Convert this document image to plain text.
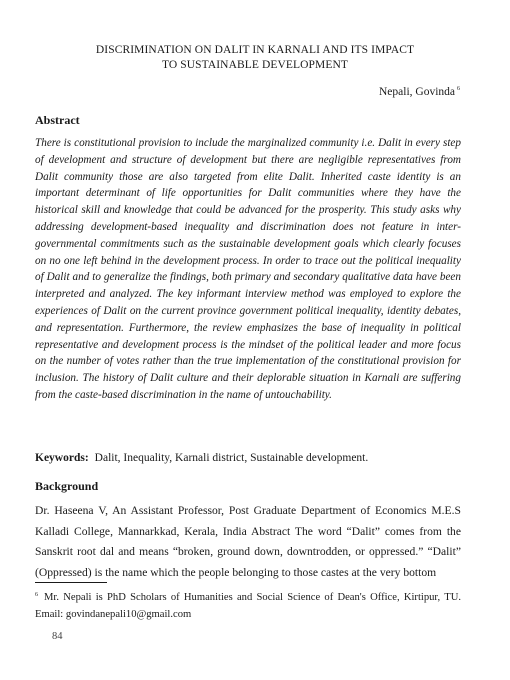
DISCRIMINATION ON DALIT IN KARNALI AND ITS IMPACT
TO SUSTAINABLE DEVELOPMENT
Nepali, Govinda $^6$
Abstract

There is constitutional provision to include the marginalized community i.e. Dalit in every step of development and structure of development but there are negligible representatives from Dalit community those are also targeted from elite Dalit. Inherited caste identity is an important determinant of life opportunities for Dalit communities where they have the historical skill and knowledge that could be advanced for the prosperity. This study asks why addressing development-based inequality and discrimination does not feature in inter-governmental commitments such as the sustainable development goals which clearly focuses on no one left behind in the development process. In order to trace out the political inequality of Dalit and to generalize the findings, both primary and secondary qualitative data have been interpreted and analyzed. The key informant interview method was employed to explore the experiences of Dalit on the current province government political inequality, identity debates, and representation. Furthermore, the review emphasizes the base of inequality in political representative and development process is the mindset of the political leader and more focus on the number of votes rather than the true implementation of the constitutional provision for inclusion. The history of Dalit culture and their deplorable situation in Karnali are suffering from the caste-based discrimination in the name of untouchability.

Keywords: Dalit, Inequality, Karnali district, Sustainable development.
Background

Dr. Haseena V, An Assistant Professor, Post Graduate Department of Economics M.E.S Kalladi College, Mannarkkad, Kerala, India Abstract The word “Dalit” comes from the Sanskrit root dal and means “broken, ground down, downtrodden, or oppressed.” “Dalit” (Oppressed) is the name which the people belonging to those castes at the very bottom

$^6$ Mr. Nepali is PhD Scholars of Humanities and Social Science of Dean's Office, Kirtipur, TU. Email: govindanepali10@gmail.com

84
